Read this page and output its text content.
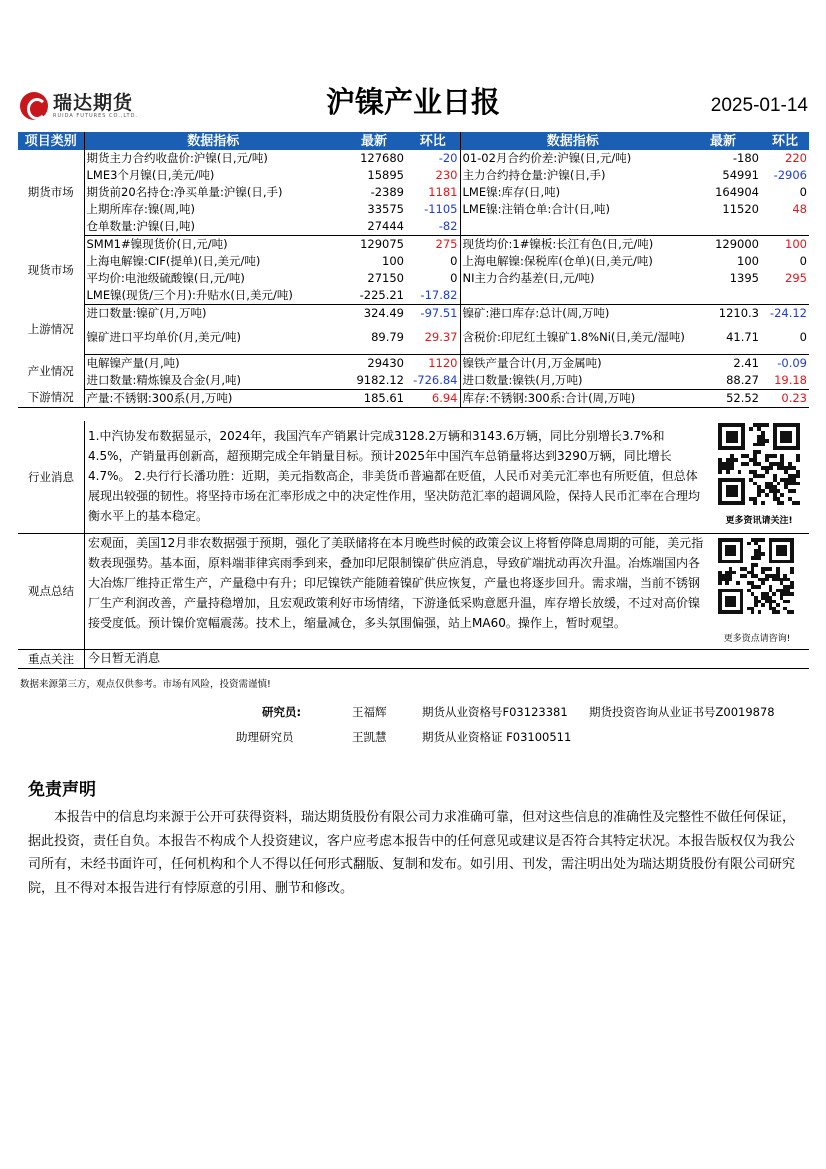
瑞达期货
RUIDA FUTURES CO.,LTD.	沪镍产业日报	2025-01-14
项目类别	数据指标	最新	环比	数据指标	最新	环比
期货市场	期货主力合约收盘价:沪镍(日,元/吨)	127680	-20	01-02月合约价差:沪镍(日,元/吨)	-180	220
	LME3个月镍(日,美元/吨)	15895	230	主力合约持仓量:沪镍(日,手)	54991	-2906
	期货前20名持仓:净买单量:沪镍(日,手)	-2389	1181	LME镍:库存(日,吨)	164904	0
	上期所库存:镍(周,吨)	33575	-1105	LME镍:注销仓单:合计(日,吨)	11520	48
	仓单数量:沪镍(日,吨)	27444	-82			
现货市场	SMM1#镍现货价(日,元/吨)	129075	275	现货均价:1#镍板:长江有色(日,元/吨)	129000	100
	上海电解镍:CIF(提单)(日,美元/吨)	100	0	上海电解镍:保税库(仓单)(日,美元/吨)	100	0
	平均价:电池级硫酸镍(日,元/吨)	27150	0	NI主力合约基差(日,元/吨)	1395	295
	LME镍(现货/三个月):升贴水(日,美元/吨)	-225.21	-17.82			
上游情况	进口数量:镍矿(月,万吨)	324.49	-97.51	镍矿:港口库存:总计(周,万吨)	1210.3	-24.12
	镍矿进口平均单价(月,美元/吨)	89.79	29.37	含税价:印尼红土镍矿1.8%Ni(日,美元/湿吨)	41.71	0
产业情况	电解镍产量(月,吨)	29430	1120	镍铁产量合计(月,万金属吨)	2.41	-0.09
	进口数量:精炼镍及合金(月,吨)	9182.12	-726.84	进口数量:镍铁(月,万吨)	88.27	19.18
下游情况	产量:不锈钢:300系(月,万吨)	185.61	6.94	库存:不锈钢:300系:合计(周,万吨)	52.52	0.23
行业消息
1.中汽协发布数据显示，2024年，我国汽车产销累计完成3128.2万辆和3143.6万辆，同比分别增长3.7%和4.5%，产销量再创新高，超预期完成全年销量目标。预计2025年中国汽车总销量将达到3290万辆，同比增长4.7%。 2.央行行长潘功胜：近期，美元指数高企，非美货币普遍都在贬值，人民币对美元汇率也有所贬值，但总体展现出较强的韧性。将坚持市场在汇率形成之中的决定性作用，坚决防范汇率的超调风险，保持人民币汇率在合理均衡水平上的基本稳定。	更多资讯请关注!
观点总结
宏观面，美国12月非农数据强于预期，强化了美联储将在本月晚些时候的政策会议上将暂停降息周期的可能，美元指数表现强势。基本面，原料端菲律宾雨季到来，叠加印尼限制镍矿供应消息，导致矿端扰动再次升温。冶炼端国内各大冶炼厂维持正常生产，产量稳中有升；印尼镍铁产能随着镍矿供应恢复，产量也将逐步回升。需求端，当前不锈钢厂生产利润改善，产量持稳增加，且宏观政策利好市场情绪，下游逢低采购意愿升温，库存增长放缓，不过对高价镍接受度低。预计镍价宽幅震荡。技术上，缩量减仓，多头氛围偏强，站上MA60。操作上，暂时观望。
更多资点请咨询!
重点关注	今日暂无消息
数据来源第三方，观点仅供参考。市场有风险，投资需谨慎!
研究员:	王福辉	期货从业资格号F03123381 期货投资咨询从业证书号Z0019878
助理研究员	王凯慧	期货从业资格证 F03100511
免责声明
本报告中的信息均来源于公开可获得资料，瑞达期货股份有限公司力求准确可靠，但对这些信息的准确性及完整性不做任何保证，据此投资，责任自负。本报告不构成个人投资建议，客户应考虑本报告中的任何意见或建议是否符合其特定状况。本报告版权仅为我公司所有，未经书面许可，任何机构和个人不得以任何形式翻版、复制和发布。如引用、刊发，需注明出处为瑞达期货股份有限公司研究院，且不得对本报告进行有悖原意的引用、删节和修改。
